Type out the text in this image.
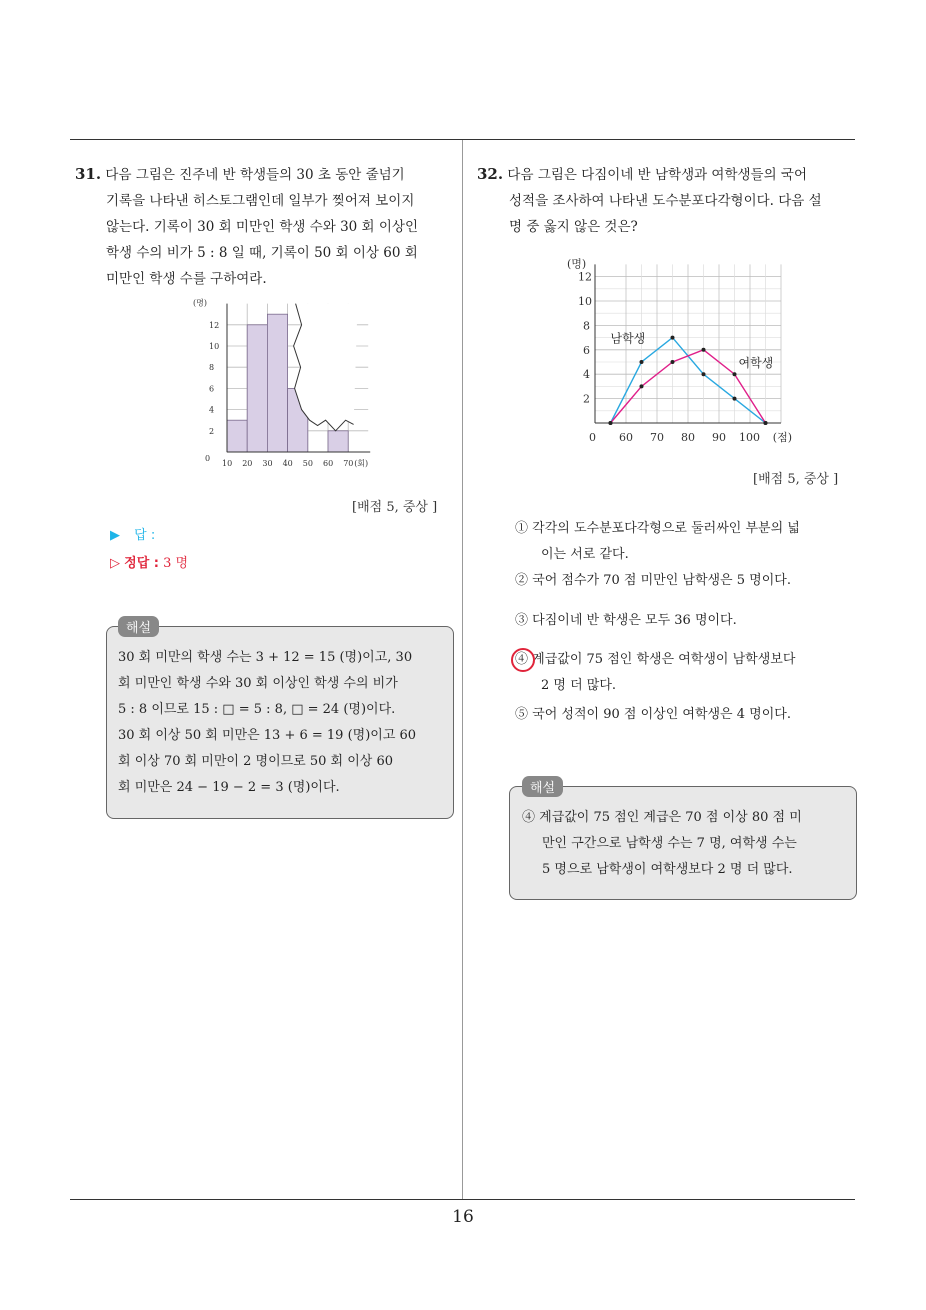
31. 다음 그림은 진주네 반 학생들의 30 초 동안 줄넘기
기록을 나타낸 히스토그램인데 일부가 찢어져 보이지
않는다. 기록이 30 회 미만인 학생 수와 30 회 이상인
학생 수의 비가 5 : 8 일 때, 기록이 50 회 이상 60 회
미만인 학생 수를 구하여라.
2
4
6
8
10
12
10 20 30 40 50 60 70
0
(명)
(회)
[배점 5, 중상 ]
▶ 답 :
▷ 정답 : 3 명
해설
30 회 미만의 학생 수는 3 + 12 = 15 (명)이고, 30
회 미만인 학생 수와 30 회 이상인 학생 수의 비가
5 : 8 이므로 15 : □ = 5 : 8, □ = 24 (명)이다.
30 회 이상 50 회 미만은 13 + 6 = 19 (명)이고 60
회 이상 70 회 미만이 2 명이므로 50 회 이상 60
회 미만은 24 − 19 − 2 = 3 (명)이다.
32. 다음 그림은 다짐이네 반 남학생과 여학생들의 국어
성적을 조사하여 나타낸 도수분포다각형이다. 다음 설
명 중 옳지 않은 것은?
2
4
6
8
10
12
60 70 80 90 100
0
(명)
(점)
남학생
여학생
[배점 5, 중상 ]
① 각각의 도수분포다각형으로 둘러싸인 부분의 넓
이는 서로 같다.
② 국어 점수가 70 점 미만인 남학생은 5 명이다.
③ 다짐이네 반 학생은 모두 36 명이다.
④ 계급값이 75 점인 학생은 여학생이 남학생보다
2 명 더 많다.
⑤ 국어 성적이 90 점 이상인 여학생은 4 명이다.
해설
④ 계급값이 75 점인 계급은 70 점 이상 80 점 미
만인 구간으로 남학생 수는 7 명, 여학생 수는
5 명으로 남학생이 여학생보다 2 명 더 많다.
16
